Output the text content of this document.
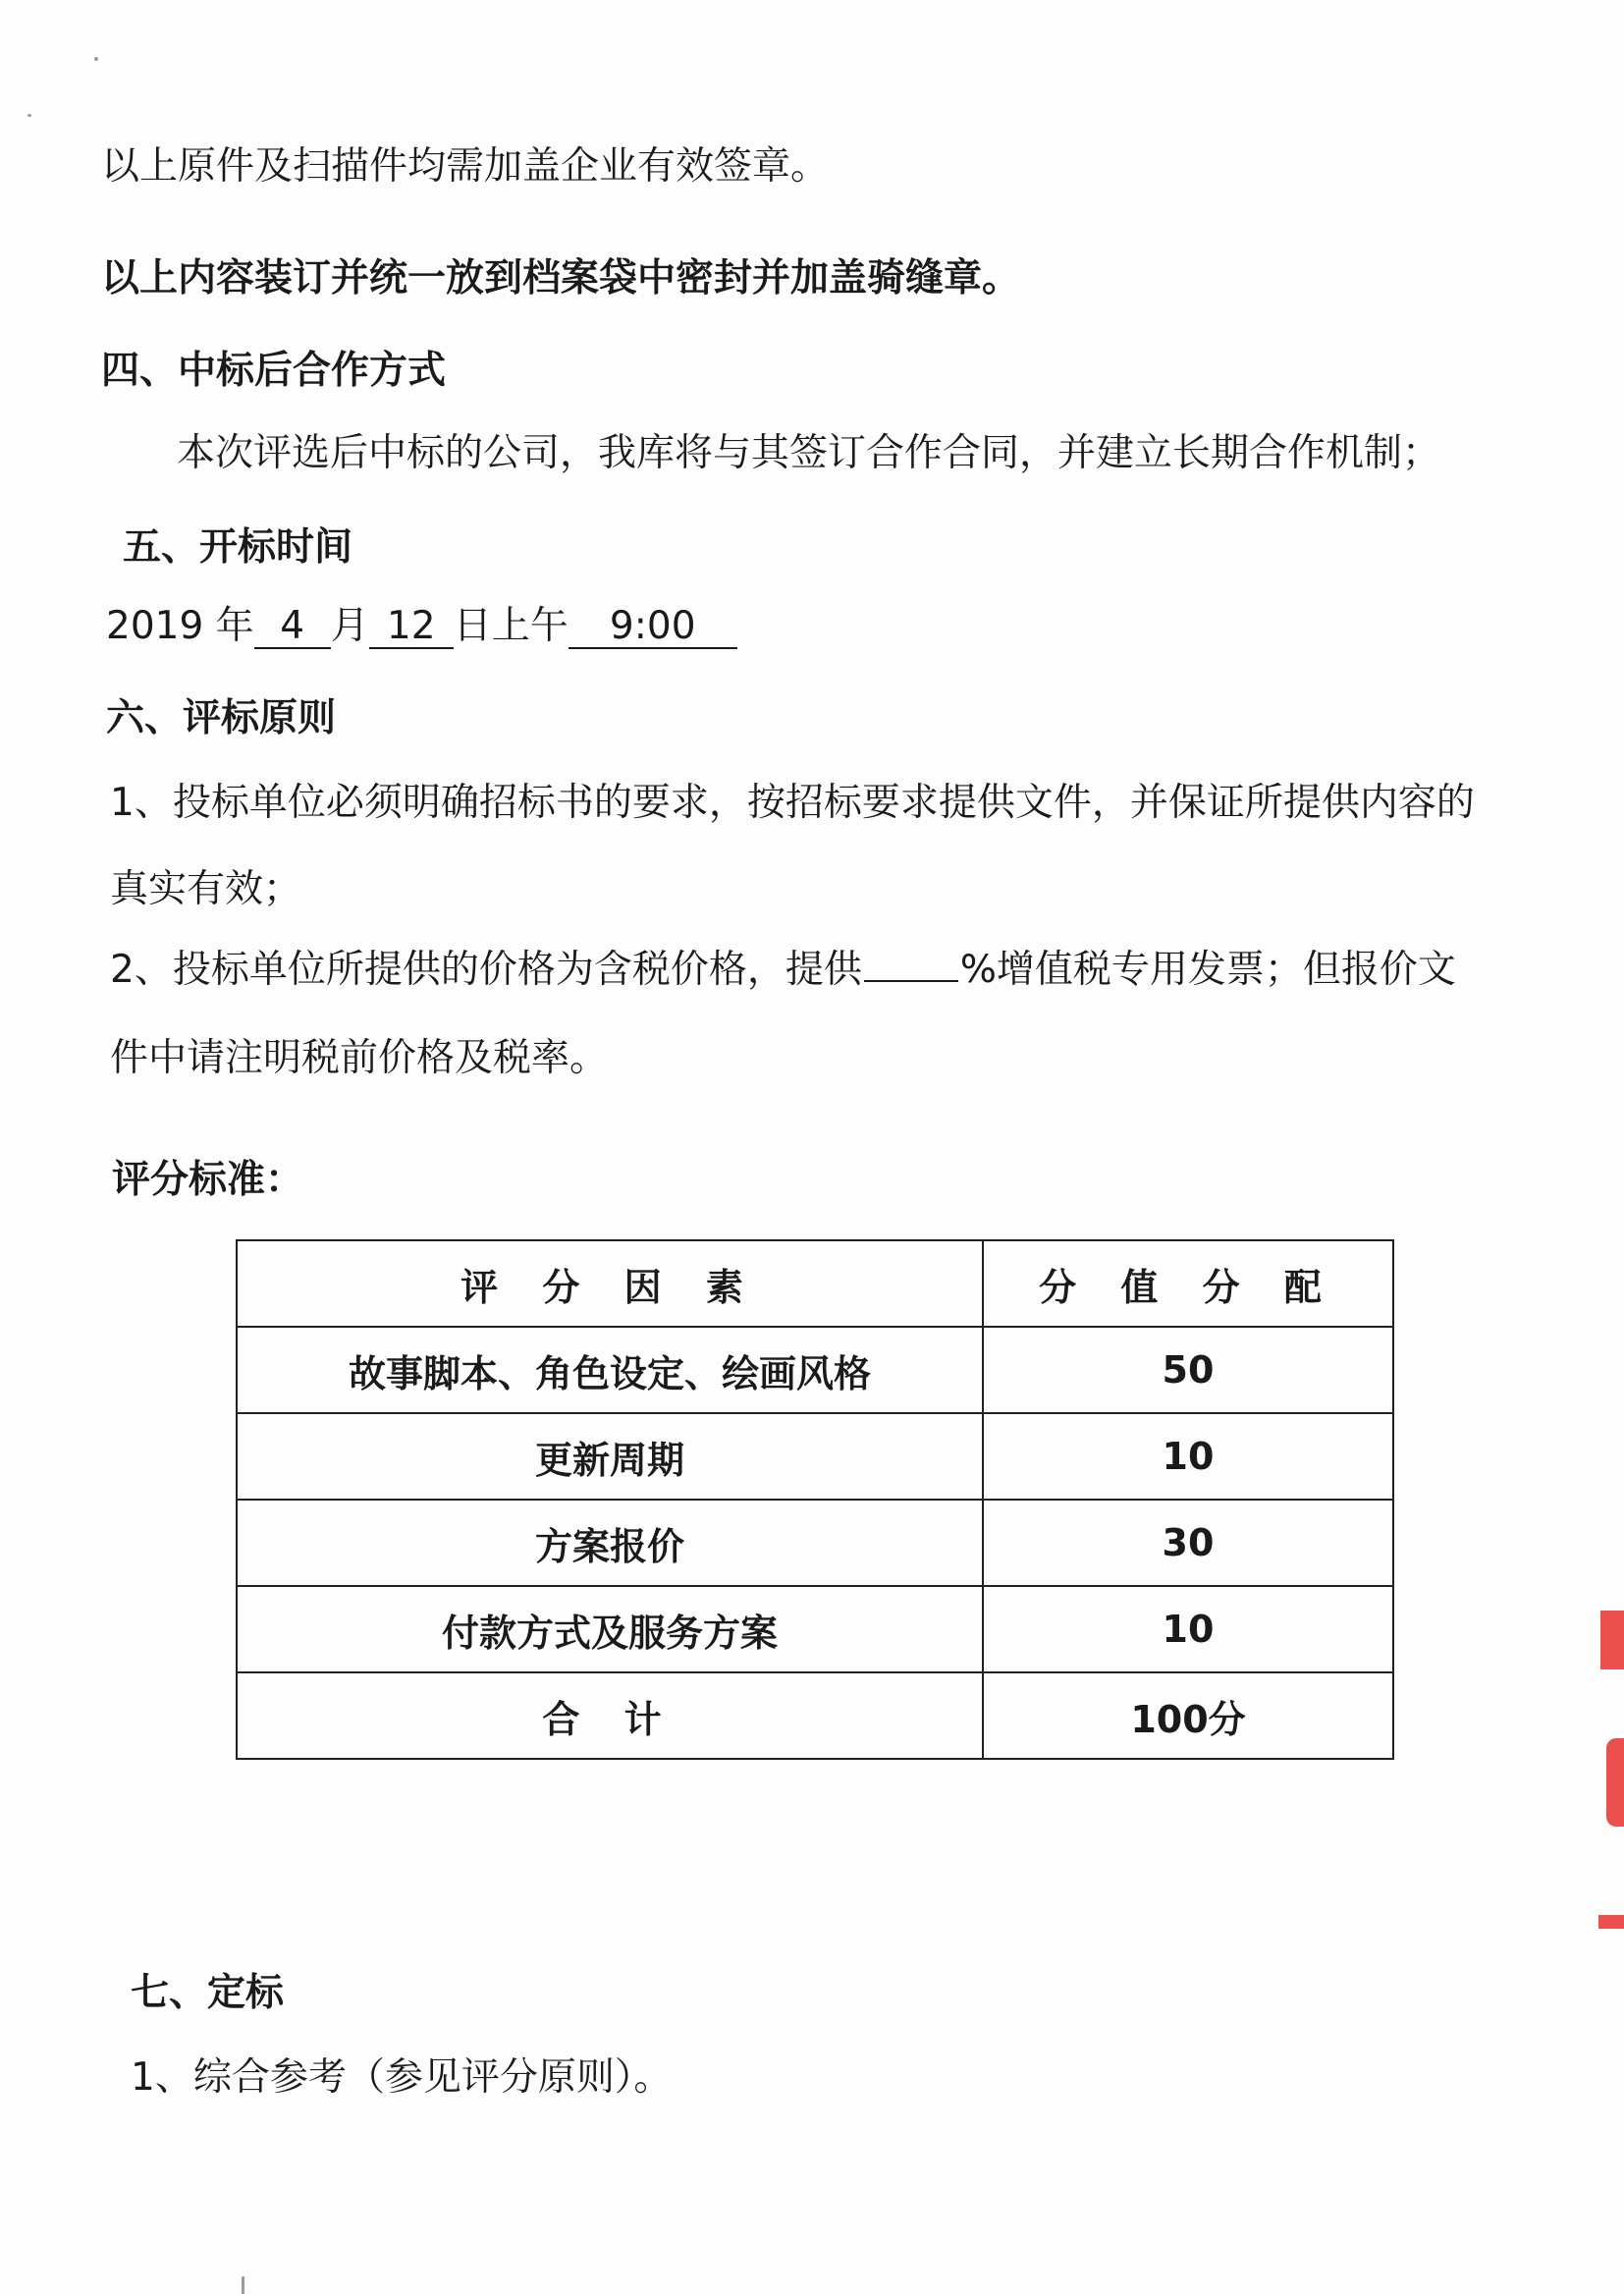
以上原件及扫描件均需加盖企业有效签章。
以上内容装订并统一放到档案袋中密封并加盖骑缝章。
四、中标后合作方式
本次评选后中标的公司，我库将与其签订合作合同，并建立长期合作机制；
五、开标时间
2019 年 4 月 12 日上午 9:00
六、评标原则
1、投标单位必须明确招标书的要求，按招标要求提供文件，并保证所提供内容的
真实有效；
2、投标单位所提供的价格为含税价格，提供	%增值税专用发票；但报价文
件中请注明税前价格及税率。
评分标准：
评 分 因 素	分 值 分 配
故事脚本、角色设定、绘画风格	50
更新周期	10
方案报价	30
付款方式及服务方案	10
合 计	100分
七、定标
1、综合参考（参见评分原则）。
